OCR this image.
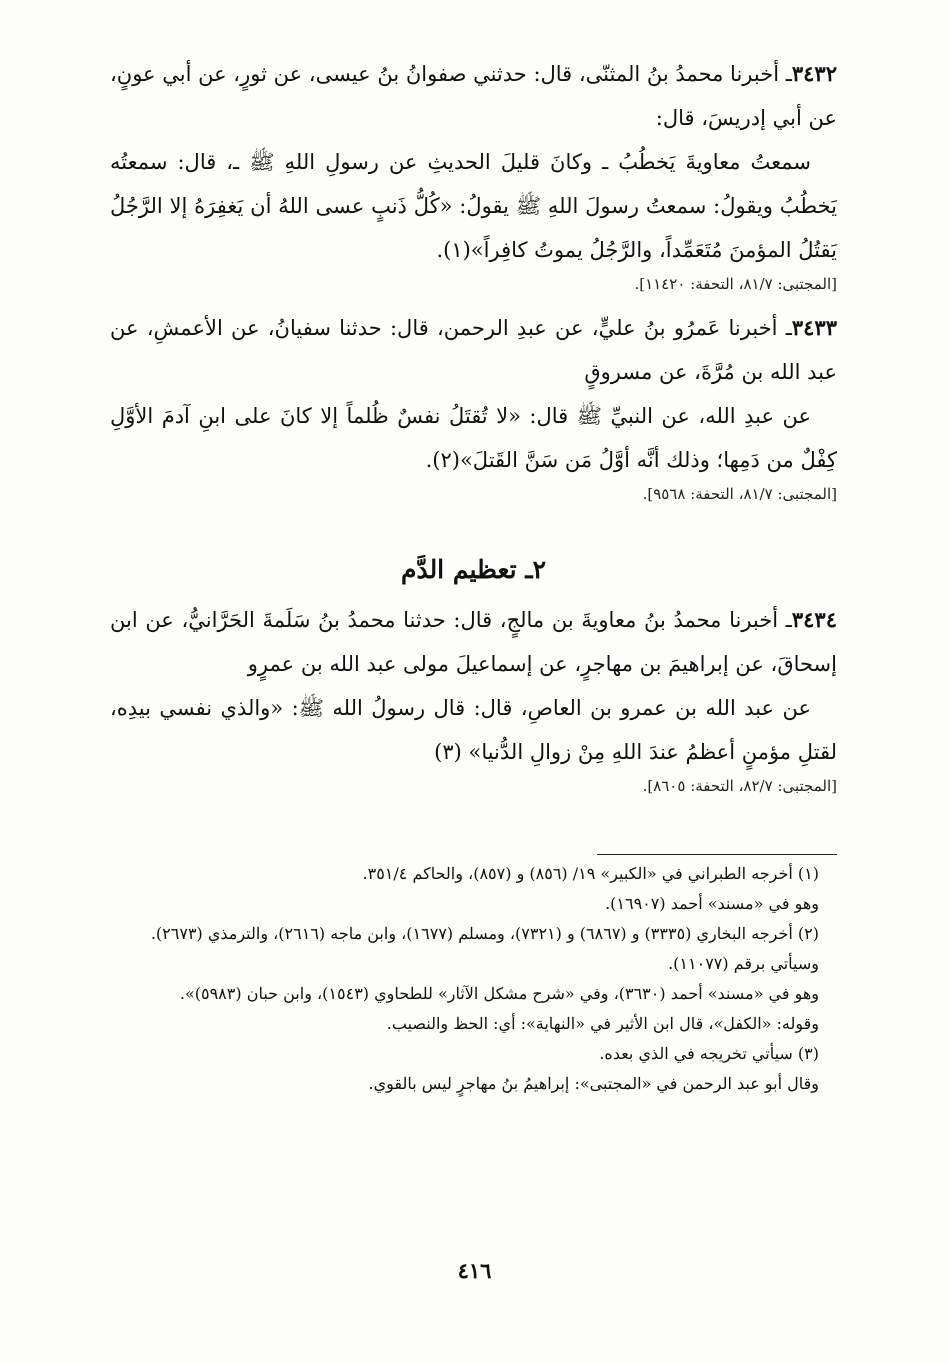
٣٤٣٢ـ أخبرنا محمدُ بنُ المثنّى، قال: حدثني صفوانُ بنُ عيسى، عن ثورٍ، عن أبي عونٍ، عن أبي إدريسَ، قال:

سمعتُ معاويةَ يَخطُبُ ـ وكانَ قليلَ الحديثِ عن رسولِ اللهِ ﷺ ـ، قال: سمعتُه يَخطُبُ ويقولُ: سمعتُ رسولَ اللهِ ﷺ يقولُ: «كُلُّ ذَنبٍ عسى اللهُ أن يَغفِرَهُ إلا الرَّجُلُ يَقتُلُ المؤمنَ مُتَعَمِّداً، والرَّجُلُ يموتُ كافِراً»(١).

[المجتبى: ٨١/٧، التحفة: ١١٤٢٠].

٣٤٣٣ـ أخبرنا عَمرُو بنُ عليٍّ، عن عبدِ الرحمن، قال: حدثنا سفيانُ، عن الأعمشِ، عن عبد الله بن مُرَّةَ، عن مسروقٍ

عن عبدِ الله، عن النبيِّ ﷺ قال: «لا تُقتَلُ نفسٌ ظُلماً إلا كانَ على ابنِ آدمَ الأوَّلِ كِفْلٌ من دَمِها؛ وذلك أنَّه أوَّلُ مَن سَنَّ القَتلَ»(٢).

[المجتبى: ٨١/٧، التحفة: ٩٥٦٨].

٢ـ تعظيم الدَّم

٣٤٣٤ـ أخبرنا محمدُ بنُ معاويةَ بن مالجٍ، قال: حدثنا محمدُ بنُ سَلَمةَ الحَرَّانيُّ، عن ابن إسحاقَ، عن إبراهيمَ بن مهاجرٍ، عن إسماعيلَ مولى عبد الله بن عمرٍو

عن عبد الله بن عمرو بن العاصِ، قال: قال رسولُ الله ﷺ: «والذي نفسي بيدِه، لقتلِ مؤمنٍ أعظمُ عندَ اللهِ مِنْ زوالِ الدُّنيا» (٣)

[المجتبى: ٨٢/٧، التحفة: ٨٦٠٥].

(١) أخرجه الطبراني في «الكبير» ١٩/ (٨٥٦) و (٨٥٧)، والحاكم ٣٥١/٤.

وهو في «مسند» أحمد (١٦٩٠٧).

(٢) أخرجه البخاري (٣٣٣٥) و (٦٨٦٧) و (٧٣٢١)، ومسلم (١٦٧٧)، وابن ماجه (٢٦١٦)، والترمذي (٢٦٧٣).

وسيأتي برقم (١١٠٧٧).

وهو في «مسند» أحمد (٣٦٣٠)، وفي «شرح مشكل الآثار» للطحاوي (١٥٤٣)، وابن حبان (٥٩٨٣)».

وقوله: «الكفل»، قال ابن الأثير في «النهاية»: أي: الحظ والنصيب.

(٣) سيأتي تخريجه في الذي بعده.

وقال أبو عبد الرحمن في «المجتبى»: إبراهيمُ بنُ مهاجرٍ ليس بالقوي.

٤١٦
